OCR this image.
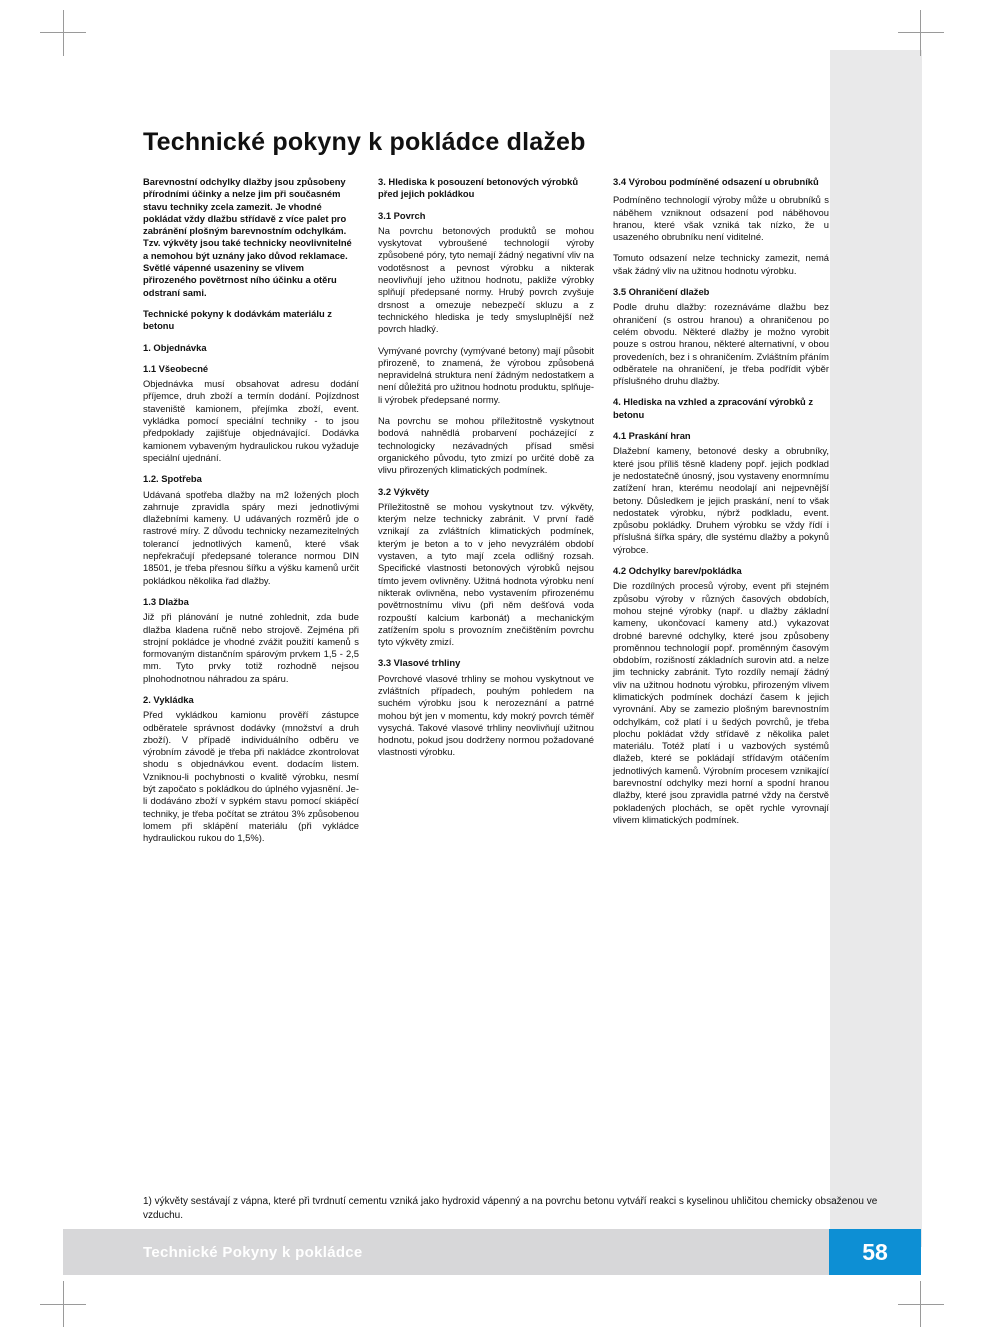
Technické pokyny k pokládce dlažeb

Barevnostní odchylky dlažby jsou způsobeny přírodními účinky a nelze jim při současném stavu techniky zcela zamezit. Je vhodné pokládat vždy dlažbu střídavě z více palet pro zabránění plošným barevnostním odchylkám. Tzv. výkvěty jsou také technicky neovlivnitelné a nemohou být uznány jako důvod reklamace. Světlé vápenné usazeniny se vlivem přirozeného povětrnost ního účinku a otěru odstraní sami.

Technické pokyny k dodávkám materiálu z betonu

1. Objednávka
1.1 Všeobecné

Objednávka musí obsahovat adresu dodání příjemce, druh zboží a termín dodání. Pojízdnost staveniště kamionem, přejímka zboží, event. vykládka pomocí speciální techniky - to jsou předpoklady zajišťuje objednávající. Dodávka kamionem vybaveným hydraulickou rukou vyžaduje speciální ujednání.

1.2. Spotřeba

Udávaná spotřeba dlažby na m2 ložených ploch zahrnuje zpravidla spáry mezi jednotlivými dlažebními kameny. U udávaných rozměrů jde o rastrové míry. Z důvodu technicky nezamezitelných tolerancí jednotlivých kamenů, které však nepřekračují předepsané tolerance normou DIN 18501, je třeba přesnou šířku a výšku kamenů určit pokládkou několika řad dlažby.

1.3 Dlažba

Již při plánování je nutné zohlednit, zda bude dlažba kladena ručně nebo strojově. Zejména při strojní pokládce je vhodné zvážit použití kamenů s formovaným distančním spárovým prvkem 1,5 - 2,5 mm. Tyto prvky totiž rozhodně nejsou plnohodnotnou náhradou za spáru.

2. Vykládka

Před vykládkou kamionu prověří zástupce odběratele správnost dodávky (množství a druh zboží). V případě individuálního odběru ve výrobním závodě je třeba při nakládce zkontrolovat shodu s objednávkou event. dodacím listem. Vzniknou-li pochybnosti o kvalitě výrobku, nesmí být započato s pokládkou do úplného vyjasnění. Je-li dodáváno zboží v sypkém stavu pomocí skiápěcí techniky, je třeba počítat se ztrátou 3% způsobenou lomem při sklápění materiálu (při vykládce hydraulickou rukou do 1,5%).

3. Hlediska k posouzení betonových výrobků před jejich pokládkou

3.1 Povrch

Na povrchu betonových produktů se mohou vyskytovat vybroušené technologií výroby způsobené póry, tyto nemají žádný negativní vliv na vodotěsnost a pevnost výrobku a nikterak neovlivňují jeho užitnou hodnotu, pakliže výrobky splňují předepsané normy. Hrubý povrch zvyšuje drsnost a omezuje nebezpečí skluzu a z technického hlediska je tedy smysluplnější než povrch hladký.

Vymývané povrchy (vymývané betony) mají působit přirozeně, to znamená, že výrobou způsobená nepravidelná struktura není žádným nedostatkem a není důležitá pro užitnou hodnotu produktu, splňuje-li výrobek předepsané normy.

Na povrchu se mohou příležitostně vyskytnout bodová nahnědlá probarvení pocházející z technologicky nezávadných přísad směsi organického původu, tyto zmizí po určité době za vlivu přirozených klimatických podmínek.

3.2 Výkvěty

Příležitostně se mohou vyskytnout tzv. výkvěty, kterým nelze technicky zabránit. V první řadě vznikají za zvláštních klimatických podmínek, kterým je beton a to v jeho nevyzrálém období vystaven, a tyto mají zcela odlišný rozsah. Specifické vlastnosti betonových výrobků nejsou tímto jevem ovlivněny. Užitná hodnota výrobku není nikterak ovlivněna, nebo vystavením přirozenému povětrnostnímu vlivu (při něm dešťová voda rozpouští kalcium karbonát) a mechanickým zatížením spolu s provozním znečištěním povrchu tyto výkvěty zmizí.

3.3 Vlasové trhliny

Povrchové vlasové trhliny se mohou vyskytnout ve zvláštních případech, pouhým pohledem na suchém výrobku jsou k nerozeznání a patrné mohou být jen v momentu, kdy mokrý povrch téměř vysychá. Takové vlasové trhliny neovlivňují užitnou hodnotu, pokud jsou dodrženy normou požadované vlastnosti výrobku.

3.4 Výrobou podmíněné odsazení u obrubníků

Podmíněno technologií výroby může u obrubníků s náběhem vzniknout odsazení pod náběhovou hranou, které však vzniká tak nízko, že u usazeného obrubníku není viditelné.

Tomuto odsazení nelze technicky zamezit, nemá však žádný vliv na užitnou hodnotu výrobku.

3.5 Ohraničení dlažeb

Podle druhu dlažby: rozeznáváme dlažbu bez ohraničení (s ostrou hranou) a ohraničenou po celém obvodu. Některé dlažby je možno vyrobit pouze s ostrou hranou, některé alternativní, v obou provedeních, bez i s ohraničením. Zvláštním přáním odběratele na ohraničení, je třeba podřídit výběr příslušného druhu dlažby.

4. Hlediska na vzhled a zpracování výrobků z betonu

4.1 Praskání hran

Dlažební kameny, betonové desky a obrubníky, které jsou příliš těsně kladeny popř. jejich podklad je nedostatečně únosný, jsou vystaveny enormnímu zatížení hran, kterému neodolají ani nejpevnější betony. Důsledkem je jejich praskání, není to však nedostatek výrobku, nýbrž podkladu, event. způsobu pokládky. Druhem výrobku se vždy řídí i příslušná šířka spáry, dle systému dlažby a pokynů výrobce.

4.2 Odchylky barev/pokládka

Die rozdílných procesů výroby, event při stejném způsobu výroby v různých časových obdobích, mohou stejné výrobky (např. u dlažby základní kameny, ukončovací kameny atd.) vykazovat drobné barevné odchylky, které jsou způsobeny proměnnou technologií popř. proměnným časovým obdobím, rozišností základních surovin atd. a nelze jim technicky zabránit. Tyto rozdíly nemají žádný vliv na užitnou hodnotu výrobku, přirozeným vlivem klimatických podmínek dochází časem k jejich vyrovnání. Aby se zamezio plošným barevnostním odchylkám, což platí i u šedých povrchů, je třeba plochu pokládat vždy střídavě z několika palet materiálu. Totéž platí i u vazbových systémů dlažeb, které se pokládají střídavým otáčením jednotlivých kamenů. Výrobním procesem vznikající barevnostní odchylky mezi horní a spodní hranou dlažby, které jsou zpravidla patrné vždy na čerstvě pokladených plochách, se opět rychle vyrovnají vlivem klimatických podmínek.

1) výkvěty sestávají z vápna, které při tvrdnutí cementu vzniká jako hydroxid vápenný a na povrchu betonu vytváří reakci s kyselinou uhličitou chemicky obsaženou ve vzduchu.

Technické Pokyny k pokládce	58
